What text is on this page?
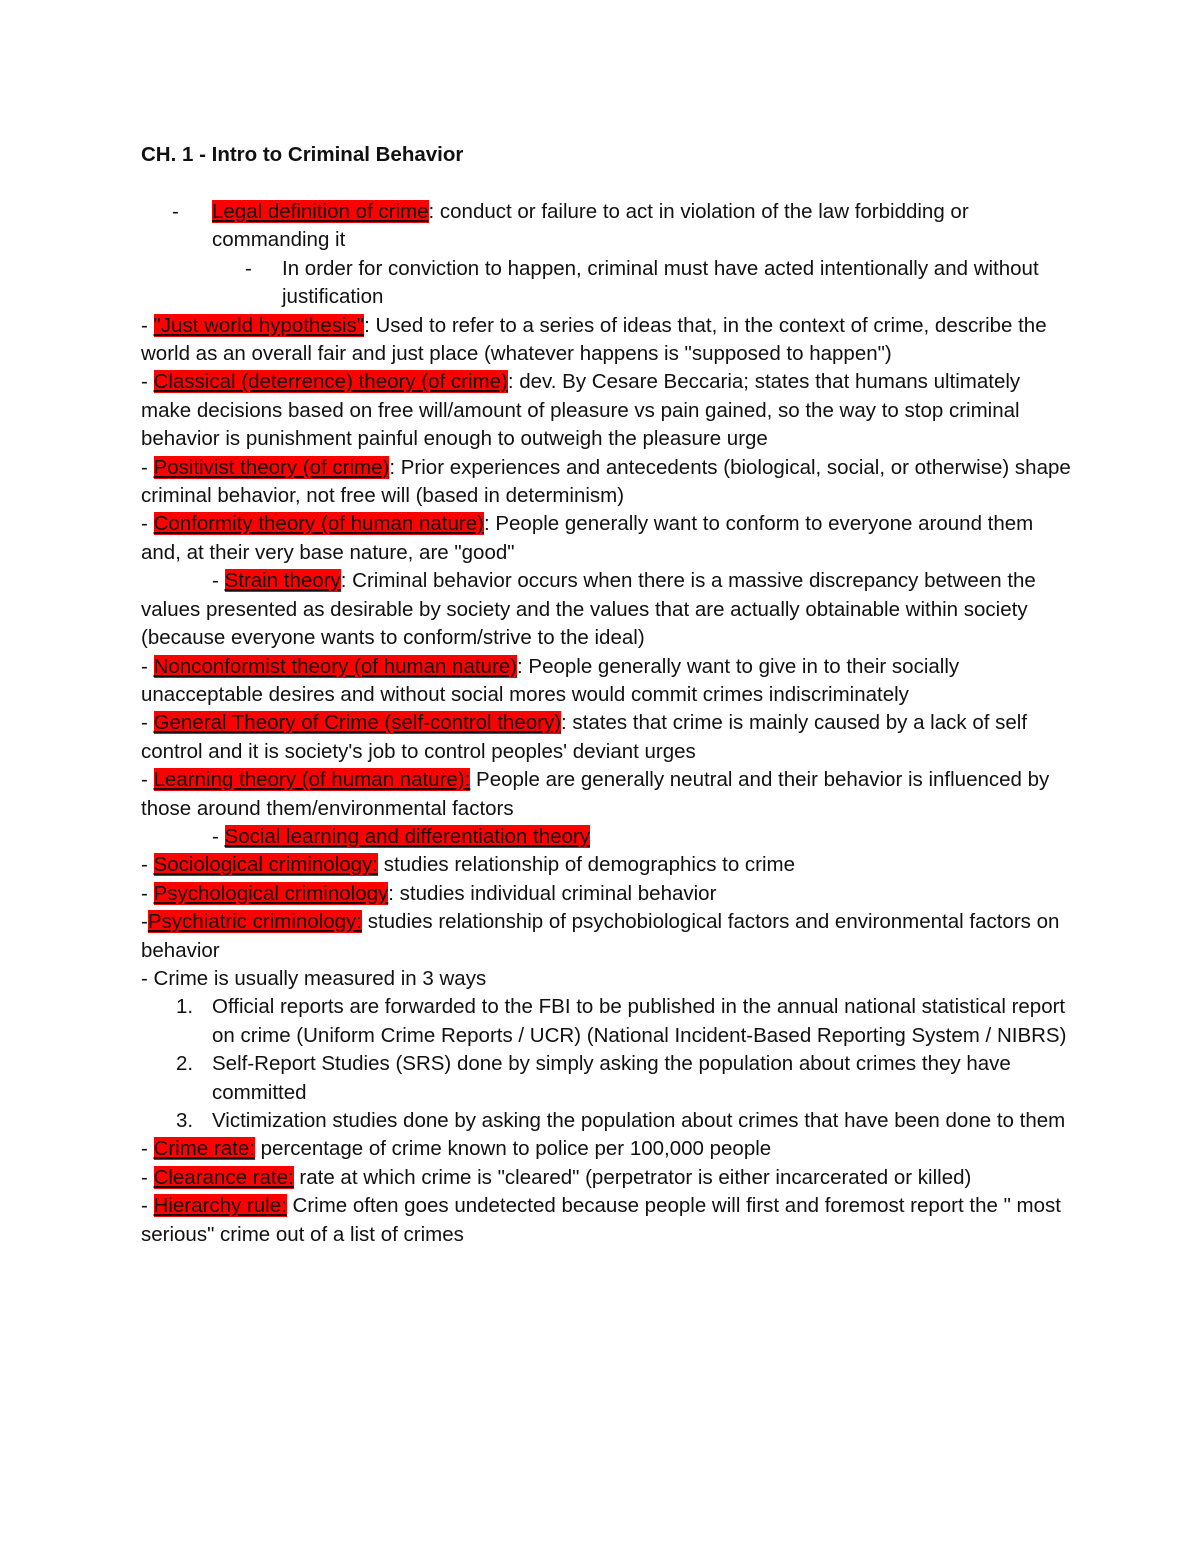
CH. 1 - Intro to Criminal Behavior

- Legal definition of crime: conduct or failure to act in violation of the law forbidding or commanding it

- In order for conviction to happen, criminal must have acted intentionally and without justification

- "Just world hypothesis": Used to refer to a series of ideas that, in the context of crime, describe the world as an overall fair and just place (whatever happens is "supposed to happen")

- Classical (deterrence) theory (of crime): dev. By Cesare Beccaria; states that humans ultimately make decisions based on free will/amount of pleasure vs pain gained, so the way to stop criminal behavior is punishment painful enough to outweigh the pleasure urge

- Positivist theory (of crime): Prior experiences and antecedents (biological, social, or otherwise) shape criminal behavior, not free will (based in determinism)

- Conformity theory (of human nature): People generally want to conform to everyone around them and, at their very base nature, are "good"

- Strain theory: Criminal behavior occurs when there is a massive discrepancy between the values presented as desirable by society and the values that are actually obtainable within society (because everyone wants to conform/strive to the ideal)

- Nonconformist theory (of human nature): People generally want to give in to their socially unacceptable desires and without social mores would commit crimes indiscriminately

- General Theory of Crime (self-control theory): states that crime is mainly caused by a lack of self control and it is society's job to control peoples' deviant urges

- Learning theory (of human nature): People are generally neutral and their behavior is influenced by those around them/environmental factors

- Social learning and differentiation theory

- Sociological criminology: studies relationship of demographics to crime

- Psychological criminology: studies individual criminal behavior

-Psychiatric criminology: studies relationship of psychobiological factors and environmental factors on behavior

- Crime is usually measured in 3 ways

1. Official reports are forwarded to the FBI to be published in the annual national statistical report on crime (Uniform Crime Reports / UCR) (National Incident-Based Reporting System / NIBRS)

2. Self-Report Studies (SRS) done by simply asking the population about crimes they have committed

3. Victimization studies done by asking the population about crimes that have been done to them

- Crime rate: percentage of crime known to police per 100,000 people

- Clearance rate: rate at which crime is "cleared" (perpetrator is either incarcerated or killed)

- Hierarchy rule: Crime often goes undetected because people will first and foremost report the " most serious" crime out of a list of crimes
